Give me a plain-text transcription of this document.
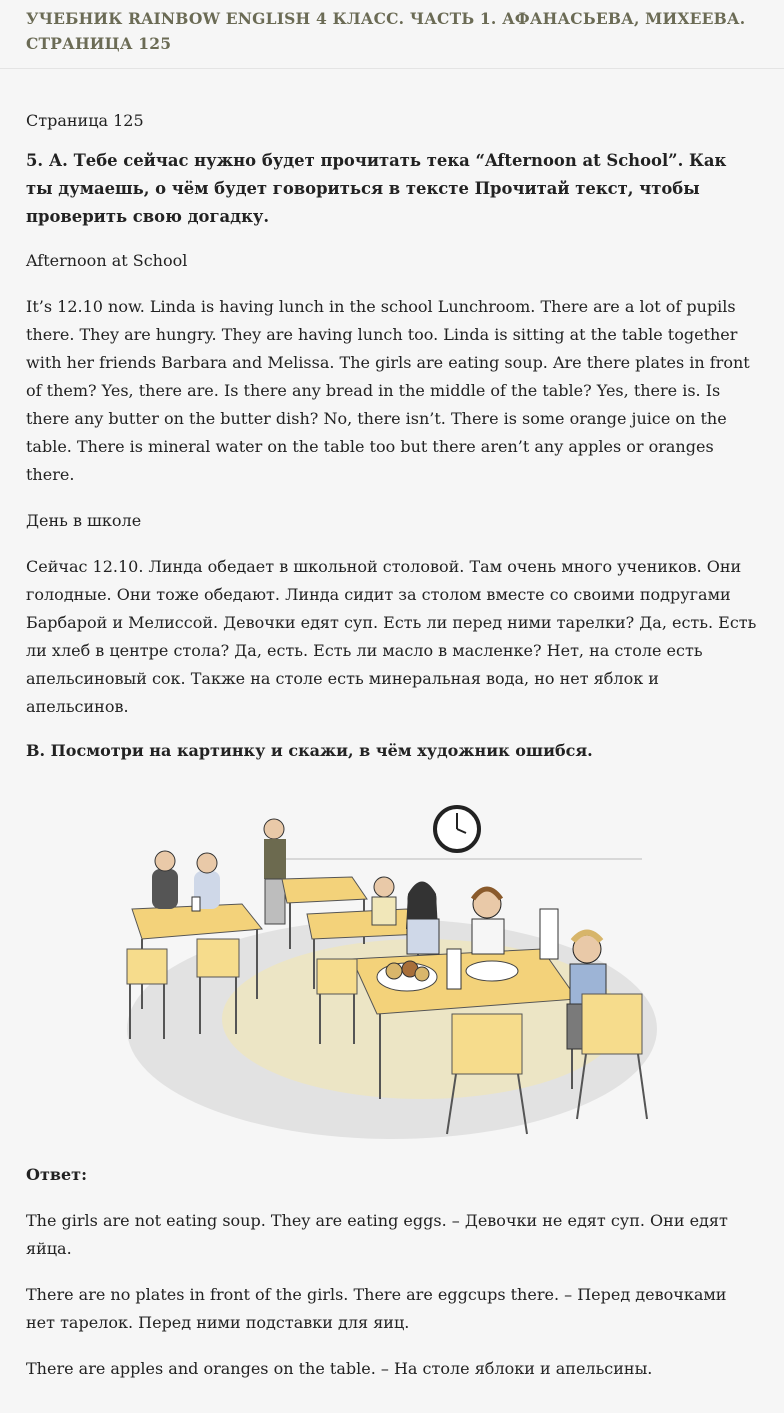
УЧЕБНИК RAINBOW ENGLISH 4 КЛАСС. ЧАСТЬ 1. АФАНАСЬЕВА, МИХЕЕВА. СТРАНИЦА 125

Страница 125

5. А. Тебе сейчас нужно будет прочитать тека “Afternoon at School”. Как ты думаешь, о чём будет говориться в тексте Прочитай текст, чтобы проверить свою догадку.

Afternoon at School

It’s 12.10 now. Linda is having lunch in the school Lunchroom. There are a lot of pupils there. They are hungry. They are having lunch too. Linda is sitting at the table together with her friends Barbara and Melissa. The girls are eating soup. Are there plates in front of them? Yes, there are. Is there any bread in the middle of the table? Yes, there is. Is there any butter on the butter dish? No, there isn’t. There is some orange juice on the table. There is mineral water on the table too but there aren’t any apples or oranges there.

День в школе

Сейчас 12.10. Линда обедает в школьной столовой. Там очень много учеников. Они голодные. Они тоже обедают. Линда сидит за столом вместе со своими подругами Барбарой и Мелиссой. Девочки едят суп. Есть ли перед ними тарелки? Да, есть. Есть ли хлеб в центре стола? Да, есть. Есть ли масло в масленке? Нет, на столе есть апельсиновый сок. Также на столе есть минеральная вода, но нет яблок и апельсинов.

B. Посмотри на картинку и скажи, в чём художник ошибся.

Ответ:

The girls are not eating soup. They are eating eggs. – Девочки не едят суп. Они едят яйца.

There are no plates in front of the girls. There are eggcups there. – Перед девочками нет тарелок. Перед ними подставки для яиц.

There are apples and oranges on the table. – На столе яблоки и апельсины.
